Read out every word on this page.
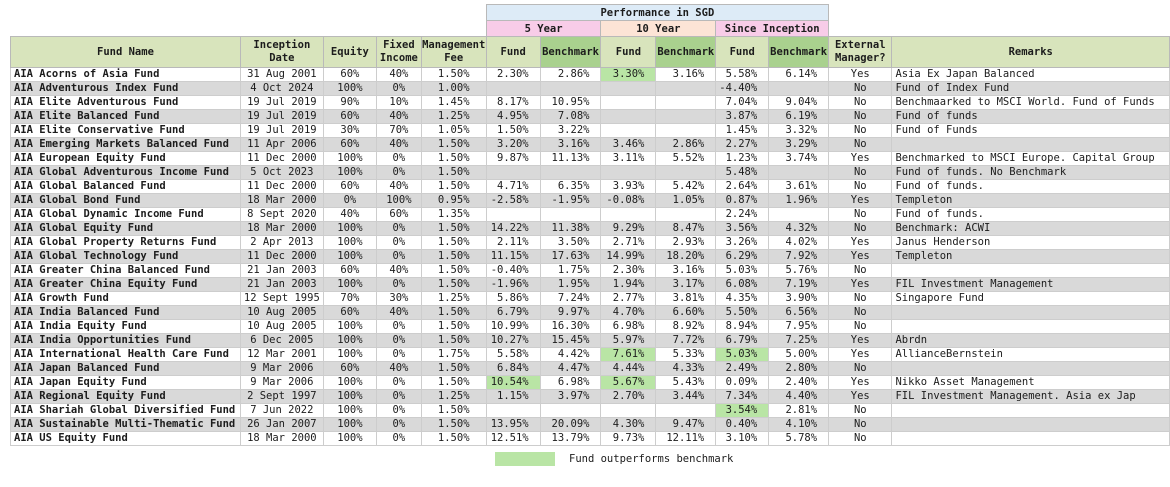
					Performance in SGD							
					5 Year		10 Year		Since Inception			
Fund Name	Inception Date	Equity	Fixed Income	Management Fee	Fund	Benchmark	Fund	Benchmark	Fund	Benchmark	External Manager?	Remarks
AIA Acorns of Asia Fund	31 Aug 2001	60%	40%	1.50%	2.30%	2.86%	3.30%	3.16%	5.58%	6.14%	Yes	Asia Ex Japan Balanced
AIA Adventurous Index Fund	4 Oct 2024	100%	0%	1.00%					-4.40%		No	Fund of Index Fund
AIA Elite Adventurous Fund	19 Jul 2019	90%	10%	1.45%	8.17%	10.95%			7.04%	9.04%	No	Benchmaarked to MSCI World. Fund of Funds
AIA Elite Balanced Fund	19 Jul 2019	60%	40%	1.25%	4.95%	7.08%			3.87%	6.19%	No	Fund of funds
AIA Elite Conservative Fund	19 Jul 2019	30%	70%	1.05%	1.50%	3.22%			1.45%	3.32%	No	Fund of Funds
AIA Emerging Markets Balanced Fund	11 Apr 2006	60%	40%	1.50%	3.20%	3.16%	3.46%	2.86%	2.27%	3.29%	No	
AIA European Equity Fund	11 Dec 2000	100%	0%	1.50%	9.87%	11.13%	3.11%	5.52%	1.23%	3.74%	Yes	Benchmarked to MSCI Europe. Capital Group
AIA Global Adventurous Income Fund	5 Oct 2023	100%	0%	1.50%					5.48%		No	Fund of funds. No Benchmark
AIA Global Balanced Fund	11 Dec 2000	60%	40%	1.50%	4.71%	6.35%	3.93%	5.42%	2.64%	3.61%	No	Fund of funds.
AIA Global Bond Fund	18 Mar 2000	0%	100%	0.95%	-2.58%	-1.95%	-0.08%	1.05%	0.87%	1.96%	Yes	Templeton
AIA Global Dynamic Income Fund	8 Sept 2020	40%	60%	1.35%					2.24%		No	Fund of funds.
AIA Global Equity Fund	18 Mar 2000	100%	0%	1.50%	14.22%	11.38%	9.29%	8.47%	3.56%	4.32%	No	Benchmark: ACWI
AIA Global Property Returns Fund	2 Apr 2013	100%	0%	1.50%	2.11%	3.50%	2.71%	2.93%	3.26%	4.02%	Yes	Janus Henderson
AIA Global Technology Fund	11 Dec 2000	100%	0%	1.50%	11.15%	17.63%	14.99%	18.20%	6.29%	7.92%	Yes	Templeton
AIA Greater China Balanced Fund	21 Jan 2003	60%	40%	1.50%	-0.40%	1.75%	2.30%	3.16%	5.03%	5.76%	No	
AIA Greater China Equity Fund	21 Jan 2003	100%	0%	1.50%	-1.96%	1.95%	1.94%	3.17%	6.08%	7.19%	Yes	FIL Investment Management
AIA Growth Fund	12 Sept 1995	70%	30%	1.25%	5.86%	7.24%	2.77%	3.81%	4.35%	3.90%	No	Singapore Fund
AIA India Balanced Fund	10 Aug 2005	60%	40%	1.50%	6.79%	9.97%	4.70%	6.60%	5.50%	6.56%	No	
AIA India Equity Fund	10 Aug 2005	100%	0%	1.50%	10.99%	16.30%	6.98%	8.92%	8.94%	7.95%	No	
AIA India Opportunities Fund	6 Dec 2005	100%	0%	1.50%	10.27%	15.45%	5.97%	7.72%	6.79%	7.25%	Yes	Abrdn
AIA International Health Care Fund	12 Mar 2001	100%	0%	1.75%	5.58%	4.42%	7.61%	5.33%	5.03%	5.00%	Yes	AllianceBernstein
AIA Japan Balanced Fund	9 Mar 2006	60%	40%	1.50%	6.84%	4.47%	4.44%	4.33%	2.49%	2.80%	No	
AIA Japan Equity Fund	9 Mar 2006	100%	0%	1.50%	10.54%	6.98%	5.67%	5.43%	0.09%	2.40%	Yes	Nikko Asset Management
AIA Regional Equity Fund	2 Sept 1997	100%	0%	1.25%	1.15%	3.97%	2.70%	3.44%	7.34%	4.40%	Yes	FIL Investment Management. Asia ex Jap
AIA Shariah Global Diversified Fund	7 Jun 2022	100%	0%	1.50%					3.54%	2.81%	No	
AIA Sustainable Multi-Thematic Fund	26 Jan 2007	100%	0%	1.50%	13.95%	20.09%	4.30%	9.47%	0.40%	4.10%	No	
AIA US Equity Fund	18 Mar 2000	100%	0%	1.50%	12.51%	13.79%	9.73%	12.11%	3.10%	5.78%	No	
Fund outperforms benchmark
